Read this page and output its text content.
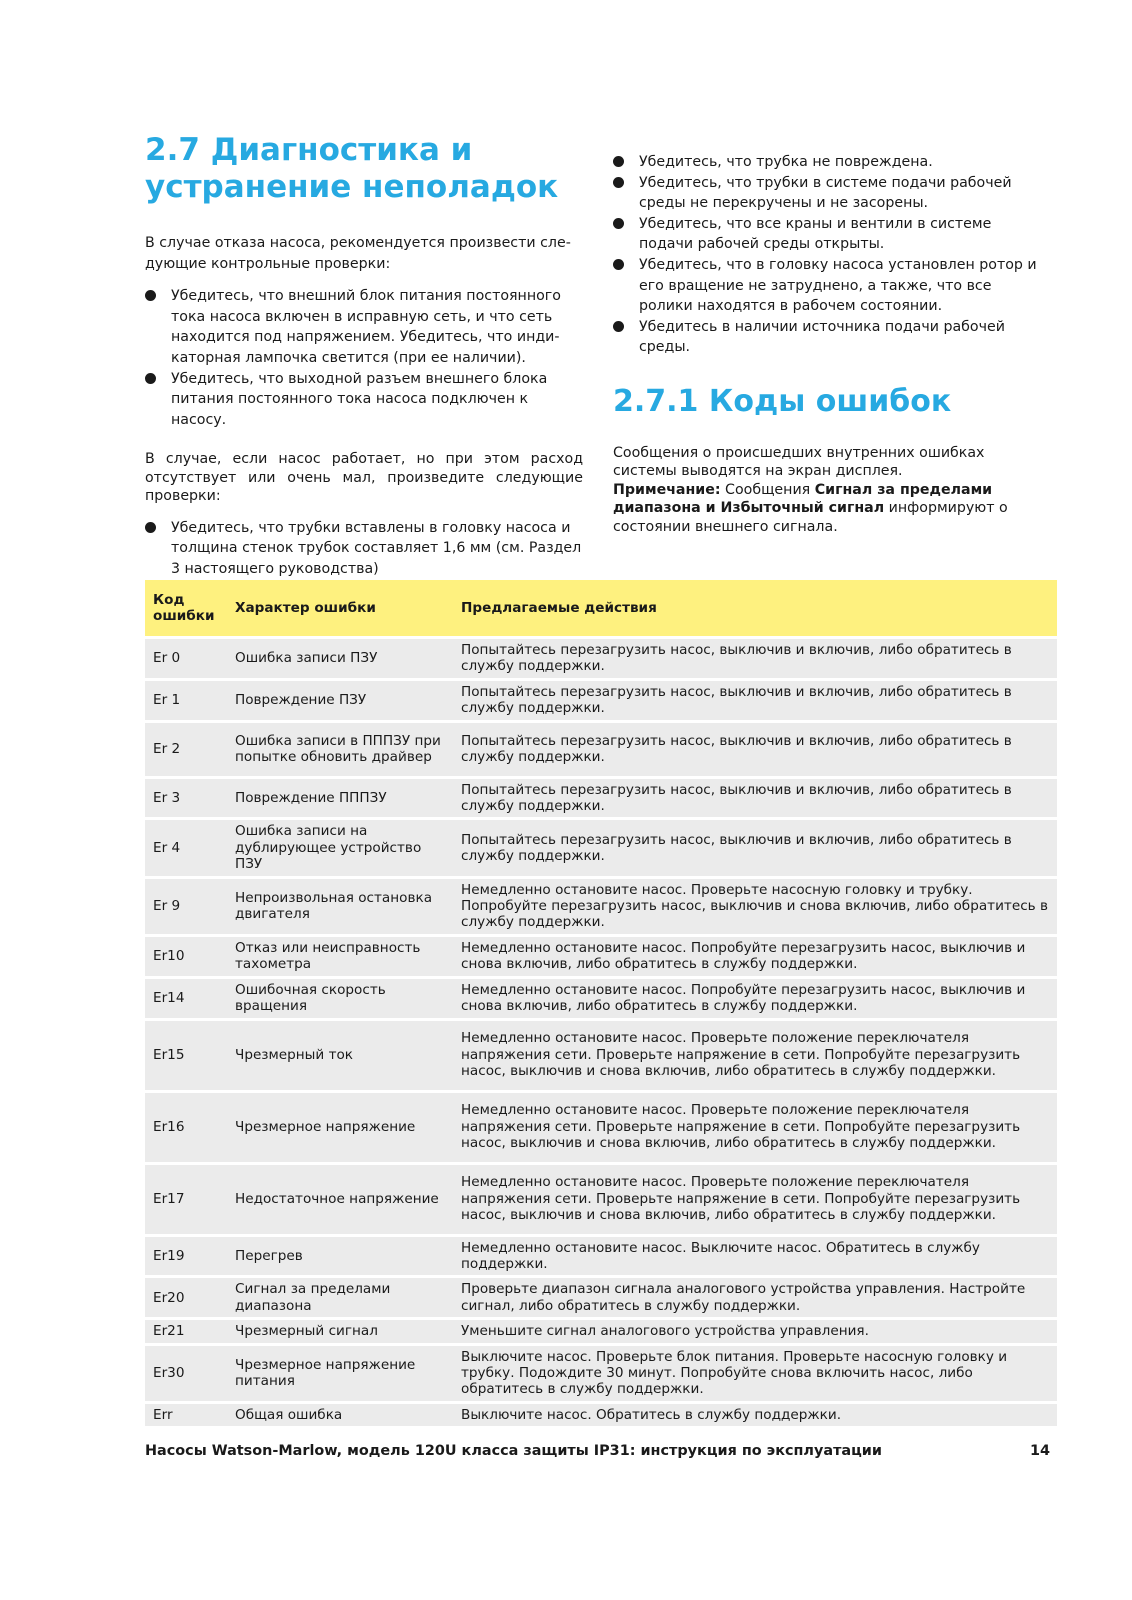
2.7 Диагностика и устранение неполадок

В случае отказа насоса, рекомендуется произвести следующие контрольные проверки:

Убедитесь, что внешний блок питания постоянного тока насоса включен в исправную сеть, и что сеть находится под напряжением. Убедитесь, что индикаторная лампочка светится (при ее наличии).
Убедитесь, что выходной разъем внешнего блока питания постоянного тока насоса подключен к насосу.

В случае, если насос работает, но при этом расход отсутствует или очень мал, произведите следующие проверки:

Убедитесь, что трубки вставлены в головку насоса и толщина стенок трубок составляет 1,6 мм (см. Раздел 3 настоящего руководства)
Убедитесь, что трубка не повреждена.
Убедитесь, что трубки в системе подачи рабочей среды не перекручены и не засорены.
Убедитесь, что все краны и вентили в системе подачи рабочей среды открыты.
Убедитесь, что в головку насоса установлен ротор и его вращение не затруднено, а также, что все ролики находятся в рабочем состоянии.
Убедитесь в наличии источника подачи рабочей среды.
2.7.1 Коды ошибок

Сообщения о происшедших внутренних ошибках системы выводятся на экран дисплея.

Примечание: Сообщения Сигнал за пределами диапазона и Избыточный сигнал информируют о состоянии внешнего сигнала.

Код ошибки	Характер ошибки	Предлагаемые действия
Er 0	Ошибка записи ПЗУ	Попытайтесь перезагрузить насос, выключив и включив, либо обратитесь в службу поддержки.
Er 1	Повреждение ПЗУ	Попытайтесь перезагрузить насос, выключив и включив, либо обратитесь в службу поддержки.
Er 2	Ошибка записи в ПППЗУ при попытке обновить драйвер	Попытайтесь перезагрузить насос, выключив и включив, либо обратитесь в службу поддержки.
Er 3	Повреждение ПППЗУ	Попытайтесь перезагрузить насос, выключив и включив, либо обратитесь в службу поддержки.
Er 4	Ошибка записи на дублирующее устройство ПЗУ	Попытайтесь перезагрузить насос, выключив и включив, либо обратитесь в службу поддержки.
Er 9	Непроизвольная остановка двигателя	Немедленно остановите насос. Проверьте насосную головку и трубку. Попробуйте перезагрузить насос, выключив и снова включив, либо обратитесь в службу поддержки.
Er10	Отказ или неисправность тахометра	Немедленно остановите насос. Попробуйте перезагрузить насос, выключив и снова включив, либо обратитесь в службу поддержки.
Er14	Ошибочная скорость вращения	Немедленно остановите насос. Попробуйте перезагрузить насос, выключив и снова включив, либо обратитесь в службу поддержки.
Er15	Чрезмерный ток	Немедленно остановите насос. Проверьте положение переключателя напряжения сети. Проверьте напряжение в сети. Попробуйте перезагрузить насос, выключив и снова включив, либо обратитесь в службу поддержки.
Er16	Чрезмерное напряжение	Немедленно остановите насос. Проверьте положение переключателя напряжения сети. Проверьте напряжение в сети. Попробуйте перезагрузить насос, выключив и снова включив, либо обратитесь в службу поддержки.
Er17	Недостаточное напряжение	Немедленно остановите насос. Проверьте положение переключателя напряжения сети. Проверьте напряжение в сети. Попробуйте перезагрузить насос, выключив и снова включив, либо обратитесь в службу поддержки.
Er19	Перегрев	Немедленно остановите насос. Выключите насос. Обратитесь в службу поддержки.
Er20	Сигнал за пределами диапазона	Проверьте диапазон сигнала аналогового устройства управления. Настройте сигнал, либо обратитесь в службу поддержки.
Er21	Чрезмерный сигнал	Уменьшите сигнал аналогового устройства управления.
Er30	Чрезмерное напряжение питания	Выключите насос. Проверьте блок питания. Проверьте насосную головку и трубку. Подождите 30 минут. Попробуйте снова включить насос, либо обратитесь в службу поддержки.
Err	Общая ошибка	Выключите насос. Обратитесь в службу поддержки.
Насосы Watson-Marlow, модель 120U класса защиты IP31: инструкция по эксплуатации	14
